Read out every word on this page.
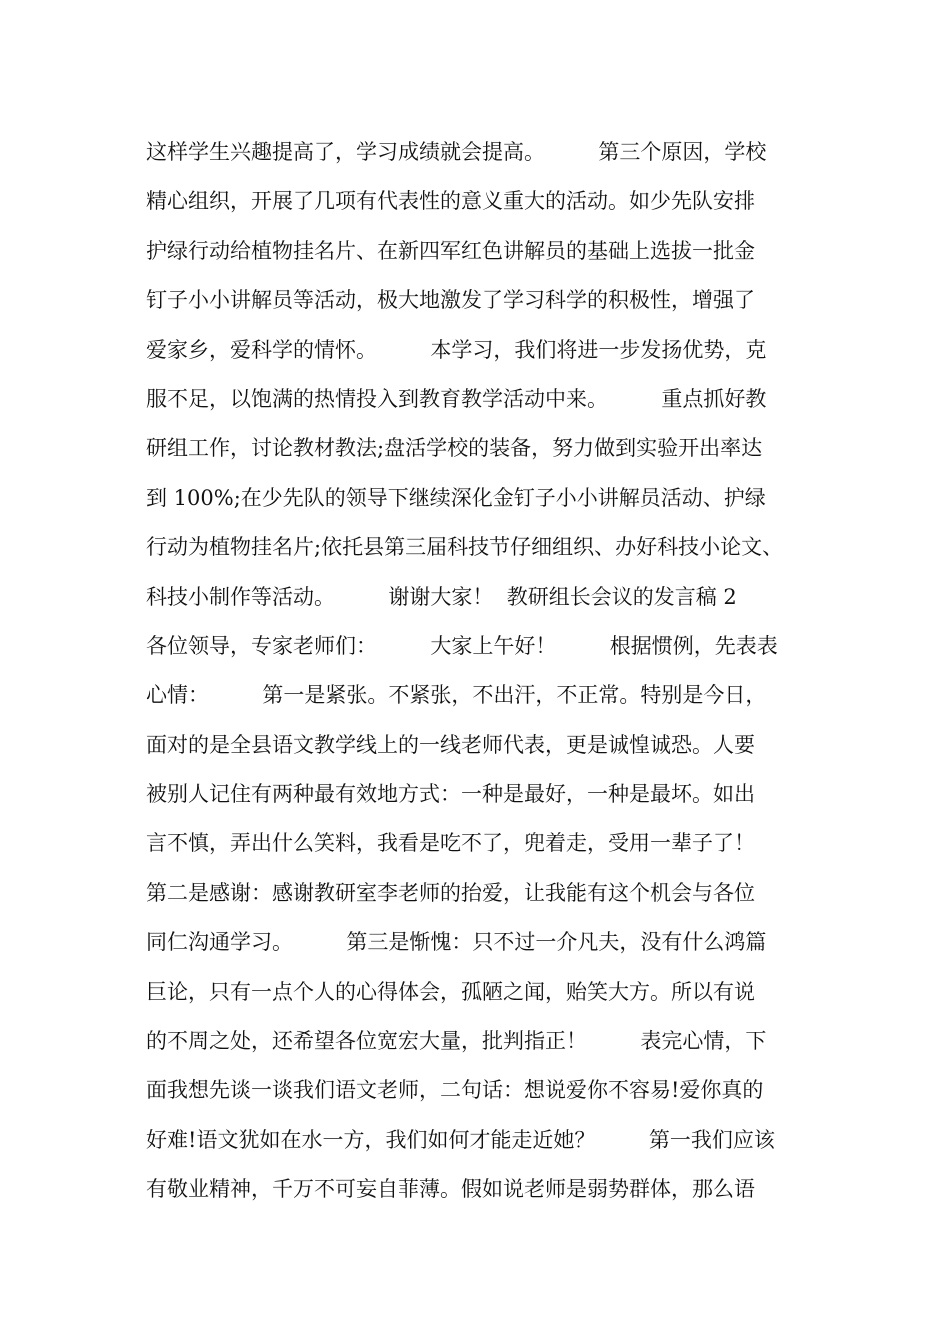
这样学生兴趣提高了，学习成绩就会提高。        第三个原因，学校
精心组织，开展了几项有代表性的意义重大的活动。如少先队安排
护绿行动给植物挂名片、在新四军红色讲解员的基础上选拔一批金
钉子小小讲解员等活动，极大地激发了学习科学的积极性，增强了
爱家乡，爱科学的情怀。        本学习，我们将进一步发扬优势，克
服不足，以饱满的热情投入到教育教学活动中来。        重点抓好教
研组工作，讨论教材教法;盘活学校的装备，努力做到实验开出率达
到 100%;在少先队的领导下继续深化金钉子小小讲解员活动、护绿
行动为植物挂名片;依托县第三届科技节仔细组织、办好科技小论文、
科技小制作等活动。        谢谢大家！  教研组长会议的发言稿 2
各位领导，专家老师们：        大家上午好！        根据惯例，先表表
心情：        第一是紧张。不紧张，不出汗，不正常。特别是今日，
面对的是全县语文教学线上的一线老师代表，更是诚惶诚恐。人要
被别人记住有两种最有效地方式：一种是最好，一种是最坏。如出
言不慎，弄出什么笑料，我看是吃不了，兜着走，受用一辈子了！
第二是感谢：感谢教研室李老师的抬爱，让我能有这个机会与各位
同仁沟通学习。        第三是惭愧：只不过一介凡夫，没有什么鸿篇
巨论，只有一点个人的心得体会，孤陋之闻，贻笑大方。所以有说
的不周之处，还希望各位宽宏大量，批判指正！        表完心情，下
面我想先谈一谈我们语文老师，二句话：想说爱你不容易!爱你真的
好难!语文犹如在水一方，我们如何才能走近她？        第一我们应该
有敬业精神，千万不可妄自菲薄。假如说老师是弱势群体，那么语
